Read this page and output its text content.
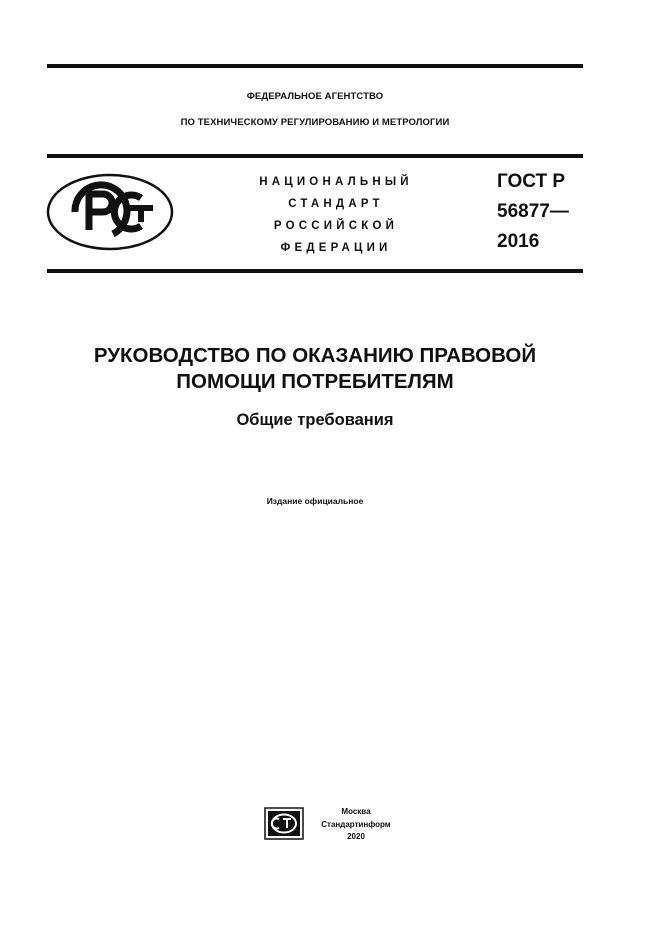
ФЕДЕРАЛЬНОЕ АГЕНТСТВО
ПО ТЕХНИЧЕСКОМУ РЕГУЛИРОВАНИЮ И МЕТРОЛОГИИ
НАЦИОНАЛЬНЫЙ
СТАНДАРТ
РОССИЙСКОЙ
ФЕДЕРАЦИИ
ГОСТ Р
56877—
2016
РУКОВОДСТВО ПО ОКАЗАНИЮ ПРАВОВОЙ
ПОМОЩИ ПОТРЕБИТЕЛЯМ
Общие требования
Издание официальное
Москва
Стандартинформ
2020
